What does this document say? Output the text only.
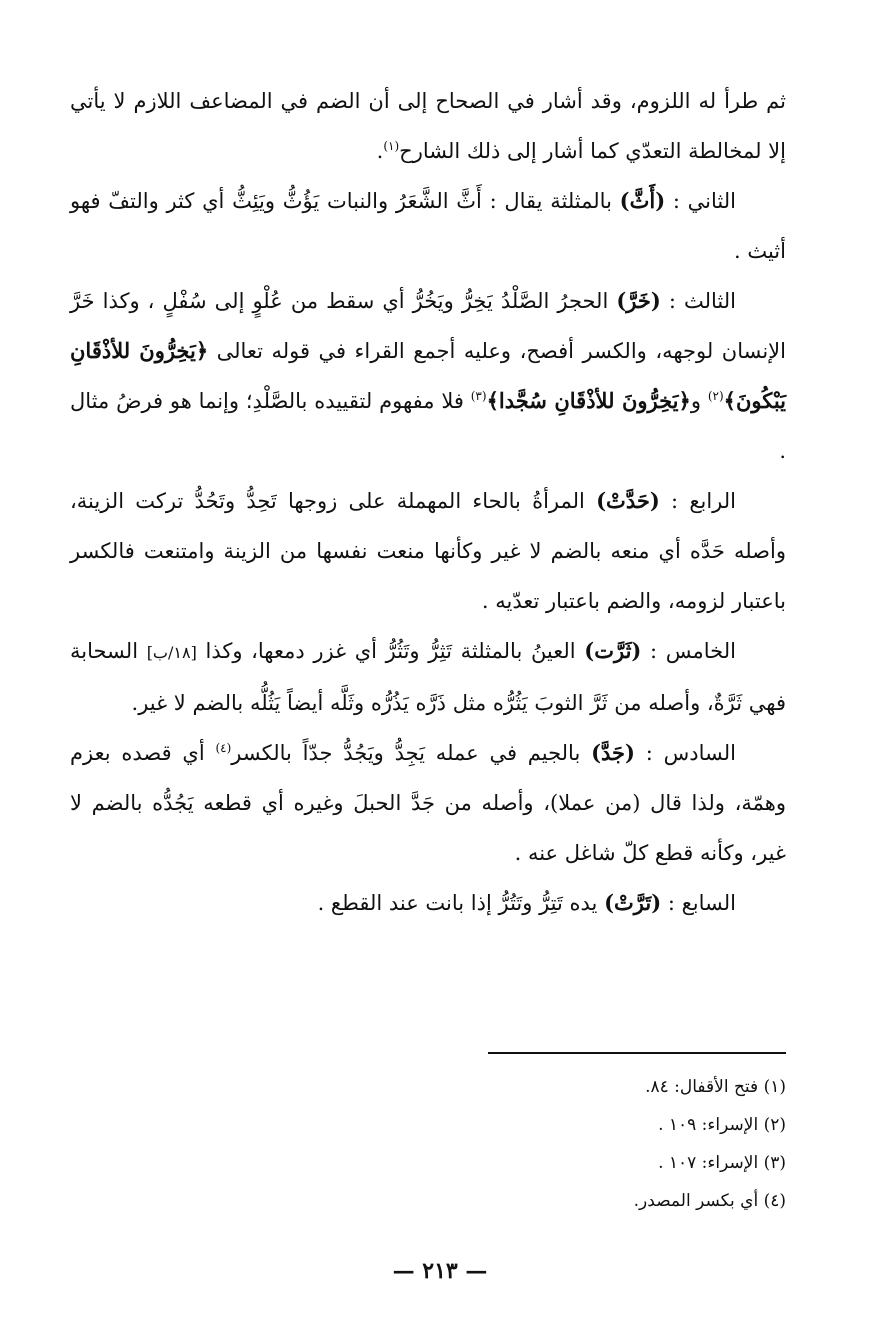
ثم طرأ له اللزوم، وقد أشار في الصحاح إلى أن الضم في المضاعف اللازم لا يأتي إلا لمخالطة التعدّي كما أشار إلى ذلك الشارح$^{(١)}$.

الثاني : (أَثَّ) بالمثلثة يقال : أَثَّ الشَّعَرُ والنبات يَؤُثُّ ويَئِثُّ أي كثر والتفّ فهو أثيث .

الثالث : (خَرَّ) الحجرُ الصَّلْدُ يَخِرُّ ويَخُرُّ أي سقط من عُلْوٍ إلى سُفْلٍ ، وكذا خَرَّ الإنسان لوجهه، والكسر أفصح، وعليه أجمع القراء في قوله تعالى ﴿يَخِرُّونَ للأذْقَانِ يَبْكُونَ﴾$^{(٢)}$ و﴿يَخِرُّونَ للأذْقَانِ سُجَّدا﴾$^{(٣)}$ فلا مفهوم لتقييده بالصَّلْدِ؛ وإنما هو فرضُ مثال .

الرابع : (حَدَّتْ) المرأةُ بالحاء المهملة على زوجها تَحِدُّ وتَحُدُّ تركت الزينة، وأصله حَدَّه أي منعه بالضم لا غير وكأنها منعت نفسها من الزينة وامتنعت فالكسر باعتبار لزومه، والضم باعتبار تعدّيه .

الخامس : (ثَرَّت) العينُ بالمثلثة تَثِرُّ وتَثُرُّ أي غزر دمعها، وكذا [١٨/ب] السحابة فهي ثَرَّةٌ، وأصله من ثَرَّ الثوبَ يَثُرُّه مثل ذَرَّه يَذُرُّه وثَلَّه أيضاً يَثُلُّه بالضم لا غير.

السادس : (جَدَّ) بالجيم في عمله يَجِدُّ ويَجُدُّ جدّاً بالكسر$^{(٤)}$ أي قصده بعزم وهمّة، ولذا قال (من عملا)، وأصله من جَدَّ الحبلَ وغيره أي قطعه يَجُدُّه بالضم لا غير، وكأنه قطع كلّ شاغل عنه .

السابع : (تَرَّتْ) يده تَتِرُّ وتَتُرُّ إذا بانت عند القطع .

(١) فتح الأقفال: ٨٤.

(٢) الإسراء: ١٠٩ .

(٣) الإسراء: ١٠٧ .

(٤) أي بكسر المصدر.

— ٢١٣ —
